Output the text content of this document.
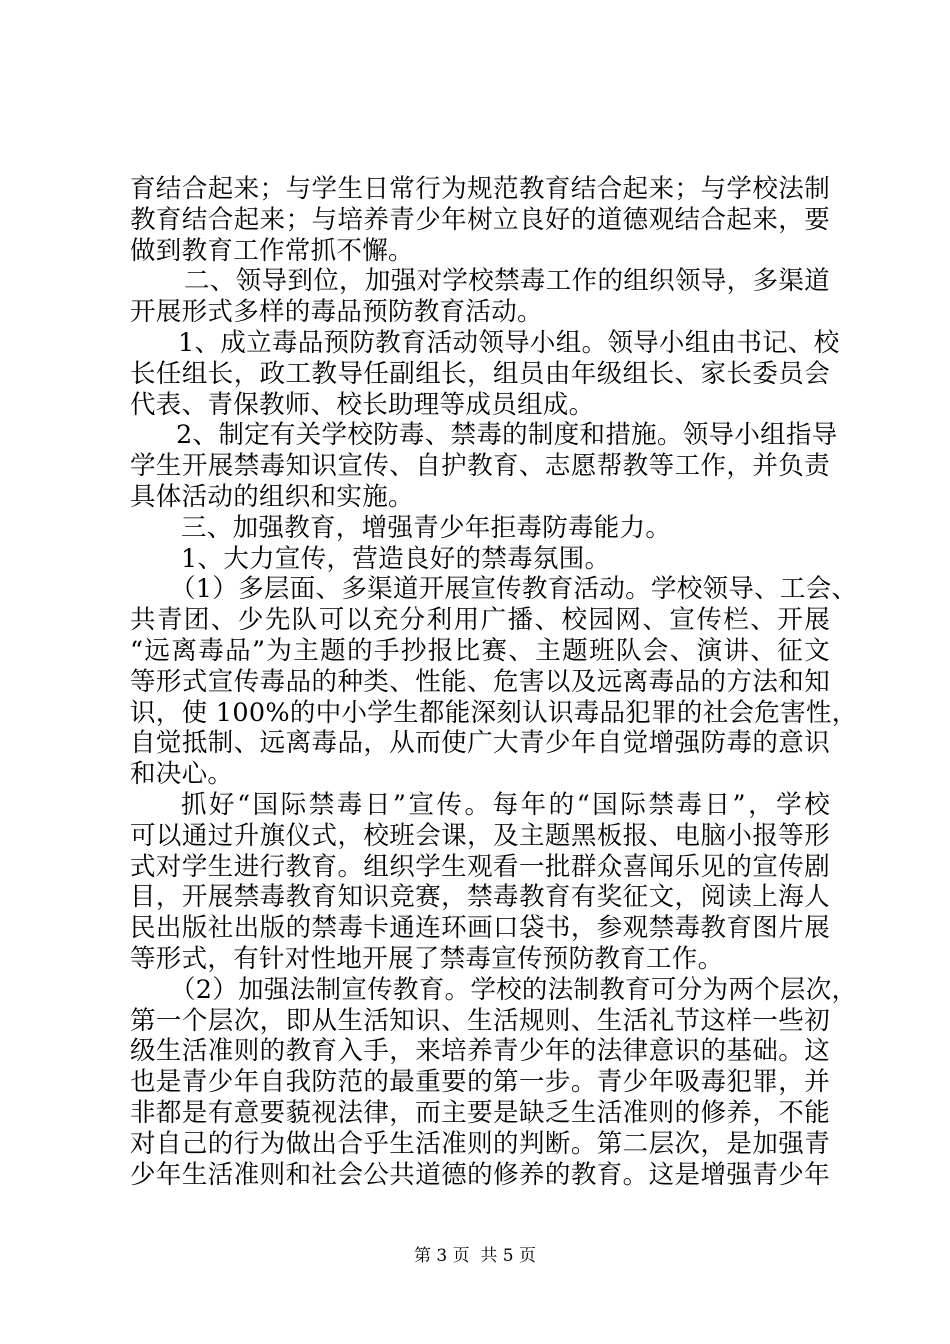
育结合起来；与学生日常行为规范教育结合起来；与学校法制
教育结合起来；与培养青少年树立良好的道德观结合起来，要
做到教育工作常抓不懈。
二、领导到位，加强对学校禁毒工作的组织领导，多渠道
开展形式多样的毒品预防教育活动。
1、成立毒品预防教育活动领导小组。领导小组由书记、校
长任组长，政工教导任副组长，组员由年级组长、家长委员会
代表、青保教师、校长助理等成员组成。
2、制定有关学校防毒、禁毒的制度和措施。领导小组指导
学生开展禁毒知识宣传、自护教育、志愿帮教等工作，并负责
具体活动的组织和实施。
三、加强教育，增强青少年拒毒防毒能力。
1、大力宣传，营造良好的禁毒氛围。
（1）多层面、多渠道开展宣传教育活动。学校领导、工会、
共青团、少先队可以充分利用广播、校园网、宣传栏、开展
“远离毒品”为主题的手抄报比赛、主题班队会、演讲、征文
等形式宣传毒品的种类、性能、危害以及远离毒品的方法和知
识，使 100%的中小学生都能深刻认识毒品犯罪的社会危害性，
自觉抵制、远离毒品，从而使广大青少年自觉增强防毒的意识
和决心。
抓好“国际禁毒日”宣传。每年的“国际禁毒日”，学校
可以通过升旗仪式，校班会课，及主题黑板报、电脑小报等形
式对学生进行教育。组织学生观看一批群众喜闻乐见的宣传剧
目，开展禁毒教育知识竞赛，禁毒教育有奖征文，阅读上海人
民出版社出版的禁毒卡通连环画口袋书，参观禁毒教育图片展
等形式，有针对性地开展了禁毒宣传预防教育工作。
（2）加强法制宣传教育。学校的法制教育可分为两个层次，
第一个层次，即从生活知识、生活规则、生活礼节这样一些初
级生活准则的教育入手，来培养青少年的法律意识的基础。这
也是青少年自我防范的最重要的第一步。青少年吸毒犯罪，并
非都是有意要藐视法律，而主要是缺乏生活准则的修养，不能
对自己的行为做出合乎生活准则的判断。第二层次，是加强青
少年生活准则和社会公共道德的修养的教育。这是增强青少年
第 3 页  共 5 页
